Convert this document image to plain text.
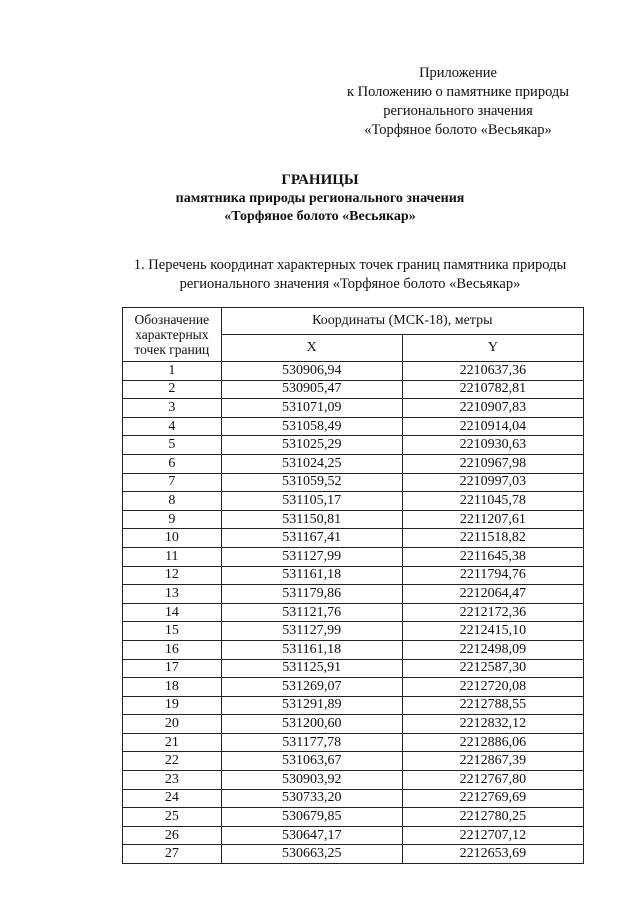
Приложение
к Положению о памятнике природы
регионального значения
«Торфяное болото «Весьякар»
ГРАНИЦЫ
памятника природы регионального значения
«Торфяное болото «Весьякар»
1. Перечень координат характерных точек границ памятника природы
регионального значения «Торфяное болото «Весьякар»
Обозначение характерных точек границ	Координаты (МСК-18), метры	
	X	Y
1	530906,94	2210637,36
2	530905,47	2210782,81
3	531071,09	2210907,83
4	531058,49	2210914,04
5	531025,29	2210930,63
6	531024,25	2210967,98
7	531059,52	2210997,03
8	531105,17	2211045,78
9	531150,81	2211207,61
10	531167,41	2211518,82
11	531127,99	2211645,38
12	531161,18	2211794,76
13	531179,86	2212064,47
14	531121,76	2212172,36
15	531127,99	2212415,10
16	531161,18	2212498,09
17	531125,91	2212587,30
18	531269,07	2212720,08
19	531291,89	2212788,55
20	531200,60	2212832,12
21	531177,78	2212886,06
22	531063,67	2212867,39
23	530903,92	2212767,80
24	530733,20	2212769,69
25	530679,85	2212780,25
26	530647,17	2212707,12
27	530663,25	2212653,69
